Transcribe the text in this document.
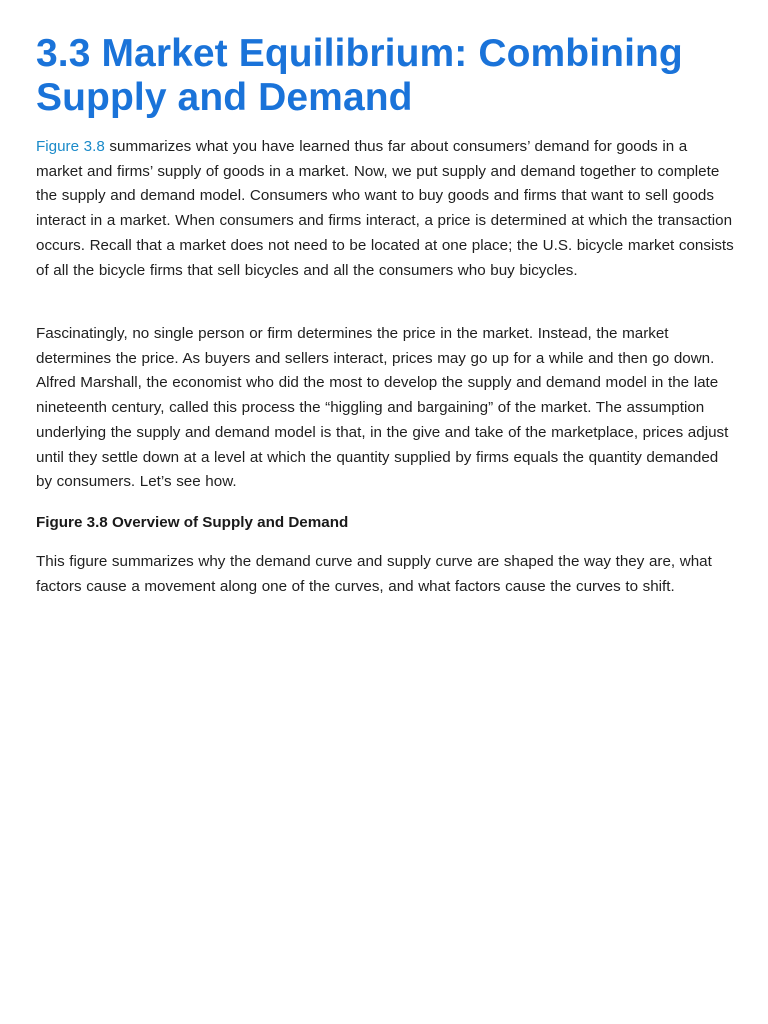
3.3 Market Equilibrium: Combining Supply and Demand

Figure 3.8 summarizes what you have learned thus far about consumers’ demand for goods in a market and firms’ supply of goods in a market. Now, we put supply and demand together to complete the supply and demand model. Consumers who want to buy goods and firms that want to sell goods interact in a market. When consumers and firms interact, a price is determined at which the transaction occurs. Recall that a market does not need to be located at one place; the U.S. bicycle market consists of all the bicycle firms that sell bicycles and all the consumers who buy bicycles.

Fascinatingly, no single person or firm determines the price in the market. Instead, the market determines the price. As buyers and sellers interact, prices may go up for a while and then go down. Alfred Marshall, the economist who did the most to develop the supply and demand model in the late nineteenth century, called this process the “higgling and bargaining” of the market. The assumption underlying the supply and demand model is that, in the give and take of the marketplace, prices adjust until they settle down at a level at which the quantity supplied by firms equals the quantity demanded by consumers. Let’s see how.

Figure 3.8 Overview of Supply and Demand

This figure summarizes why the demand curve and supply curve are shaped the way they are, what factors cause a movement along one of the curves, and what factors cause the curves to shift.
